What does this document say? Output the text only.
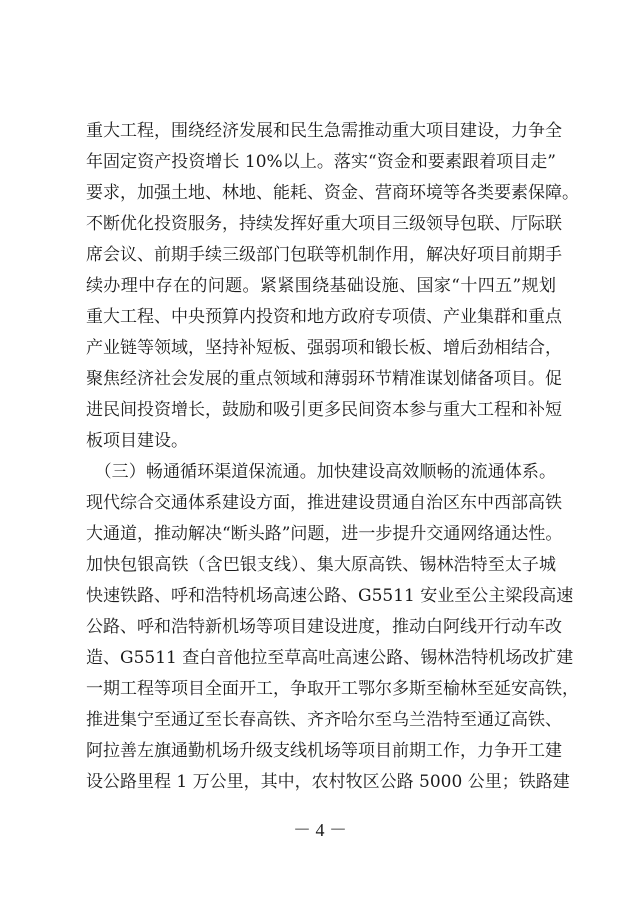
重大工程，围绕经济发展和民生急需推动重大项目建设，力争全
年固定资产投资增长 10%以上。落实“资金和要素跟着项目走”
要求，加强土地、林地、能耗、资金、营商环境等各类要素保障。
不断优化投资服务，持续发挥好重大项目三级领导包联、厅际联
席会议、前期手续三级部门包联等机制作用，解决好项目前期手
续办理中存在的问题。紧紧围绕基础设施、国家“十四五”规划
重大工程、中央预算内投资和地方政府专项债、产业集群和重点
产业链等领域，坚持补短板、强弱项和锻长板、增后劲相结合，
聚焦经济社会发展的重点领域和薄弱环节精准谋划储备项目。促
进民间投资增长，鼓励和吸引更多民间资本参与重大工程和补短
板项目建设。
　（三）畅通循环渠道保流通。加快建设高效顺畅的流通体系。
现代综合交通体系建设方面，推进建设贯通自治区东中西部高铁
大通道，推动解决“断头路”问题，进一步提升交通网络通达性。
加快包银高铁（含巴银支线）、集大原高铁、锡林浩特至太子城
快速铁路、呼和浩特机场高速公路、G5511 安业至公主梁段高速
公路、呼和浩特新机场等项目建设进度，推动白阿线开行动车改
造、G5511 查白音他拉至草高吐高速公路、锡林浩特机场改扩建
一期工程等项目全面开工，争取开工鄂尔多斯至榆林至延安高铁，
推进集宁至通辽至长春高铁、齐齐哈尔至乌兰浩特至通辽高铁、
阿拉善左旗通勤机场升级支线机场等项目前期工作，力争开工建
设公路里程 1 万公里，其中，农村牧区公路 5000 公里；铁路建
－ 4 －
